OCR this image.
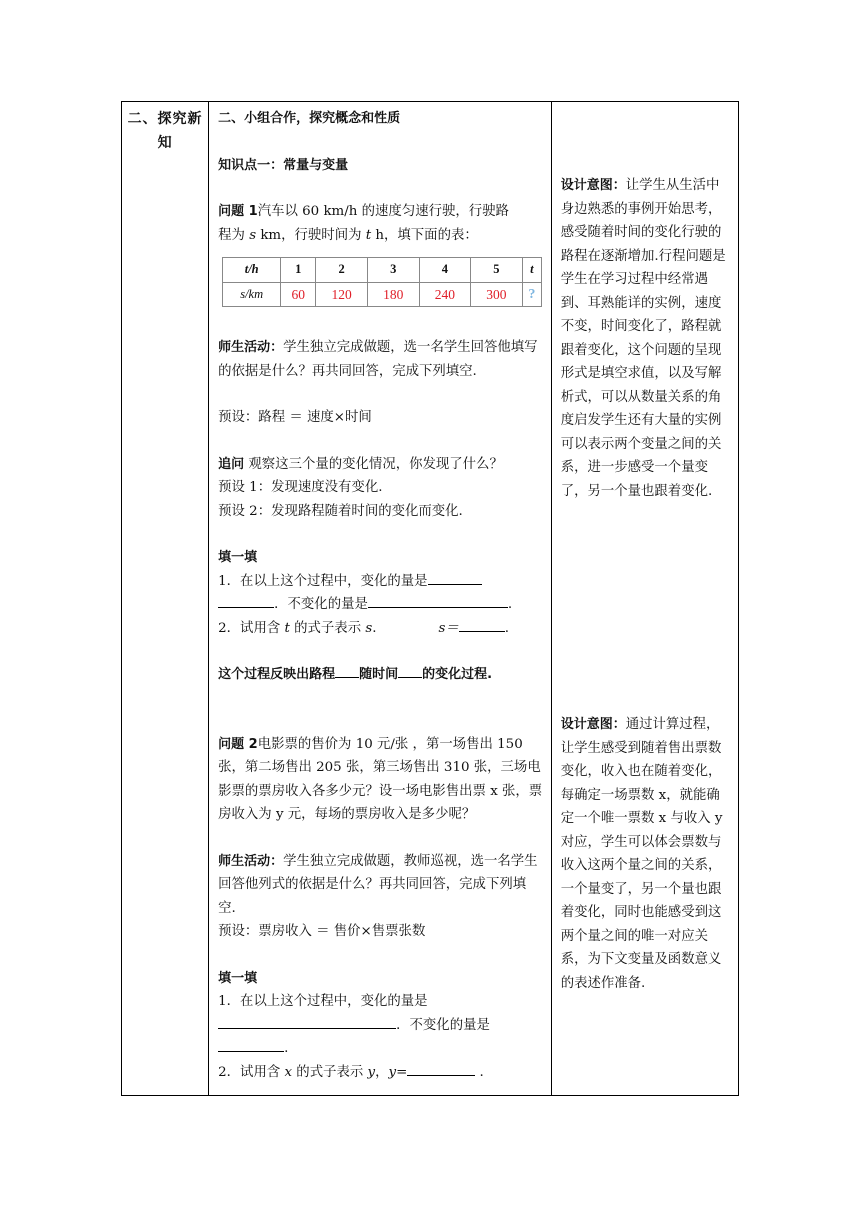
二、探究新知	

二、小组合作，探究概念和性质

知识点一：常量与变量

问题 1汽车以 60 km/h 的速度匀速行驶，行驶路
程为 s km，行驶时间为 t h，填下面的表：

t/h	1	2	3	4	5	t
s/km	60	120	180	240	300	?

师生活动：学生独立完成做题，选一名学生回答他填写的依据是什么？再共同回答，完成下列填空.

预设：路程 ＝ 速度×时间

追问 观察这三个量的变化情况，你发现了什么？

预设 1：发现速度没有变化.

预设 2：发现路程随着时间的变化而变化.

填一填

1．在以上这个过程中，变化的量是

．不变化的量是	.

2．试用含 t 的式子表示 s.	s＝	.

这个过程反映出路程 随时间 的变化过程.

问题 2电影票的售价为 10 元/张 ，第一场售出 150 张，第二场售出 205 张，第三场售出 310 张，三场电影票的票房收入各多少元？设一场电影售出票 x 张，票房收入为 y 元，每场的票房收入是多少呢？

师生活动：学生独立完成做题，教师巡视，选一名学生回答他列式的依据是什么？再共同回答，完成下列填空.

预设：票房收入 ＝ 售价×售票张数

填一填

1．在以上这个过程中，变化的量是

．不变化的量是

.

2．试用含 x 的式子表示 y，y=	.

设计意图：让学生从生活中身边熟悉的事例开始思考，感受随着时间的变化行驶的路程在逐渐增加.行程问题是学生在学习过程中经常遇到、耳熟能详的实例，速度不变，时间变化了，路程就跟着变化，这个问题的呈现形式是填空求值，以及写解析式，可以从数量关系的角度启发学生还有大量的实例可以表示两个变量之间的关系，进一步感受一个量变了，另一个量也跟着变化.
设计意图：通过计算过程，让学生感受到随着售出票数变化，收入也在随着变化，每确定一场票数 x，就能确定一个唯一票数 x 与收入 y 对应，学生可以体会票数与收入这两个量之间的关系，一个量变了，另一个量也跟着变化，同时也能感受到这两个量之间的唯一对应关系，为下文变量及函数意义的表述作准备.
